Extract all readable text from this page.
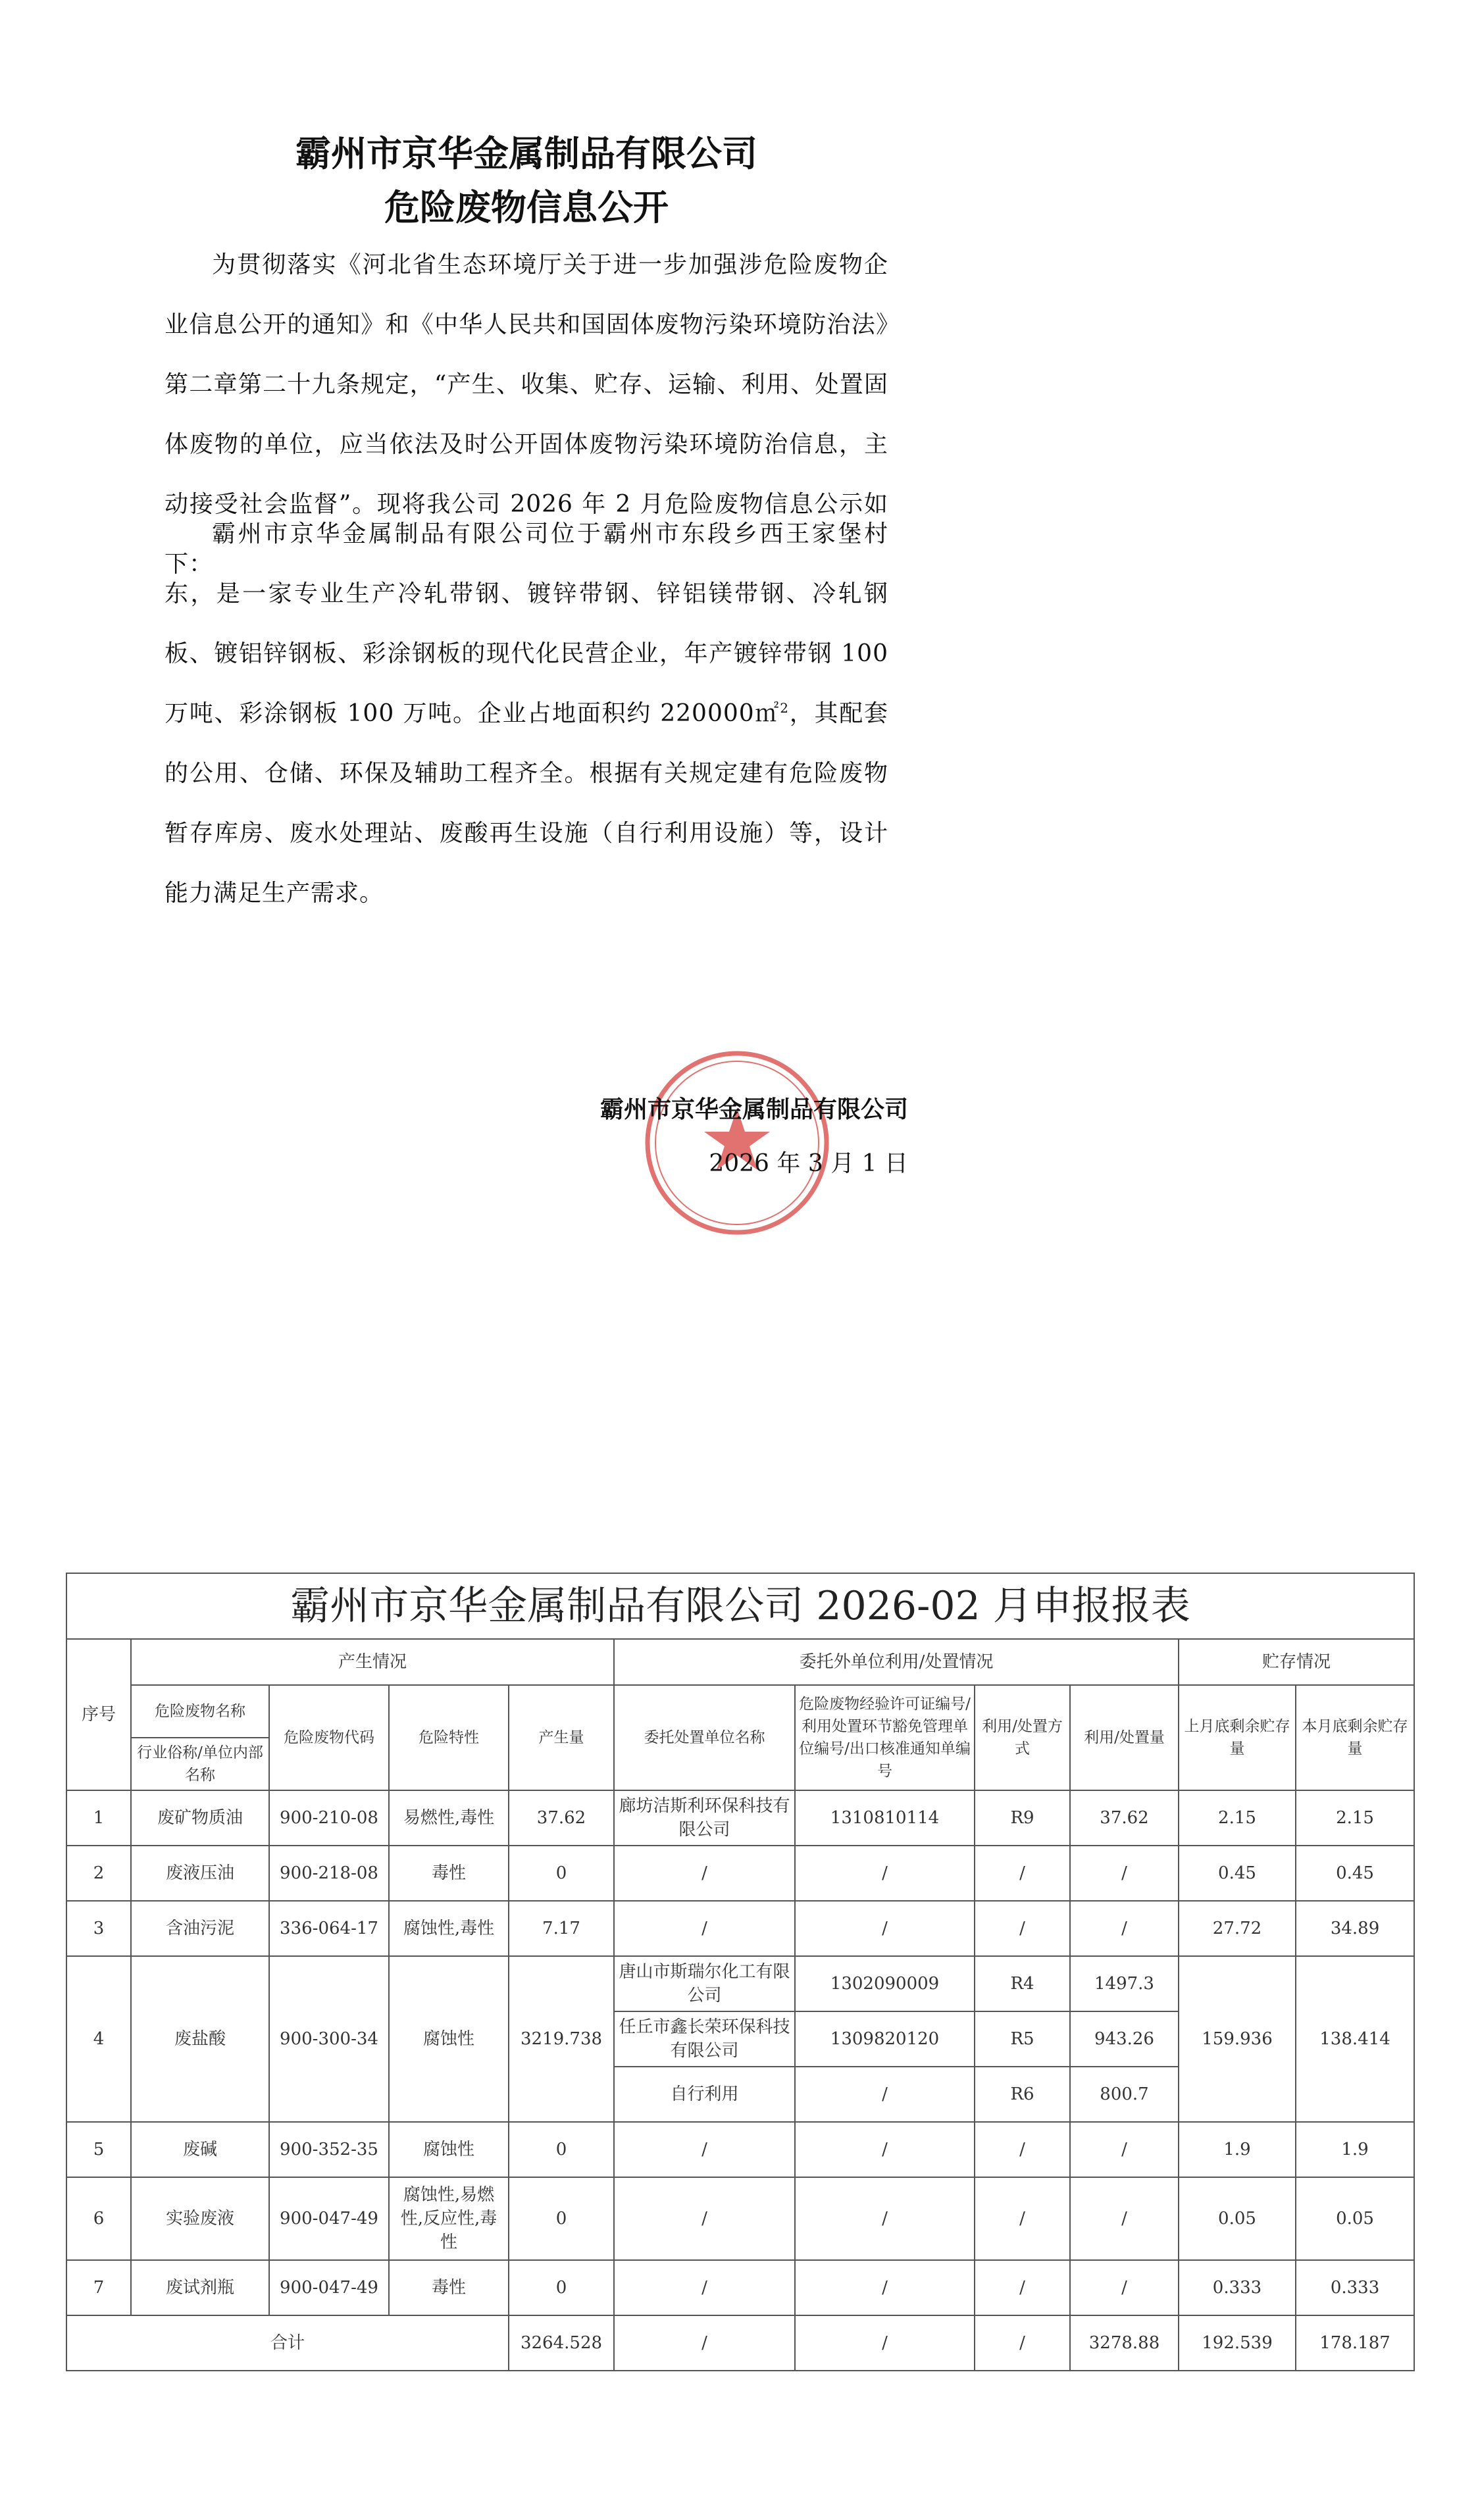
霸州市京华金属制品有限公司
危险废物信息公开

为贯彻落实《河北省生态环境厅关于进一步加强涉危险废物企业信息公开的通知》和《中华人民共和国固体废物污染环境防治法》第二章第二十九条规定，“产生、收集、贮存、运输、利用、处置固体废物的单位，应当依法及时公开固体废物污染环境防治信息，主动接受社会监督”。现将我公司 2026 年 2 月危险废物信息公示如下：

霸州市京华金属制品有限公司位于霸州市东段乡西王家堡村东，是一家专业生产冷轧带钢、镀锌带钢、锌铝镁带钢、冷轧钢板、镀铝锌钢板、彩涂钢板的现代化民营企业，年产镀锌带钢 100 万吨、彩涂钢板 100 万吨。企业占地面积约 220000㎡$^2$，其配套的公用、仓储、环保及辅助工程齐全。根据有关规定建有危险废物暂存库房、废水处理站、废酸再生设施（自行利用设施）等，设计能力满足生产需求。

霸州市京华金属制品有限公司

2026 年 3 月 1 日

霸州市京华金属制品有限公司 2026-02 月申报报表										
序号	产生情况				委托外单位利用/处置情况				贮存情况	
	危险废物名称	危险废物代码	危险特性	产生量	委托处置单位名称	危险废物经验许可证编号/利用处置环节豁免管理单位编号/出口核准通知单编号	利用/处置方式	利用/处置量	上月底剩余贮存量	本月底剩余贮存量
	行业俗称/单位内部名称									
1	废矿物质油	900-210-08	易燃性,毒性	37.62	廊坊洁斯利环保科技有限公司	1310810114	R9	37.62	2.15	2.15
2	废液压油	900-218-08	毒性	0	/	/	/	/	0.45	0.45
3	含油污泥	336-064-17	腐蚀性,毒性	7.17	/	/	/	/	27.72	34.89
4	废盐酸	900-300-34	腐蚀性	3219.738	唐山市斯瑞尔化工有限公司	1302090009	R4	1497.3	159.936	138.414
					任丘市鑫长荣环保科技有限公司	1309820120	R5	943.26		
					自行利用	/	R6	800.7		
5	废碱	900-352-35	腐蚀性	0	/	/	/	/	1.9	1.9
6	实验废液	900-047-49	腐蚀性,易燃性,反应性,毒性	0	/	/	/	/	0.05	0.05
7	废试剂瓶	900-047-49	毒性	0	/	/	/	/	0.333	0.333
合计				3264.528	/	/	/	3278.88	192.539	178.187
